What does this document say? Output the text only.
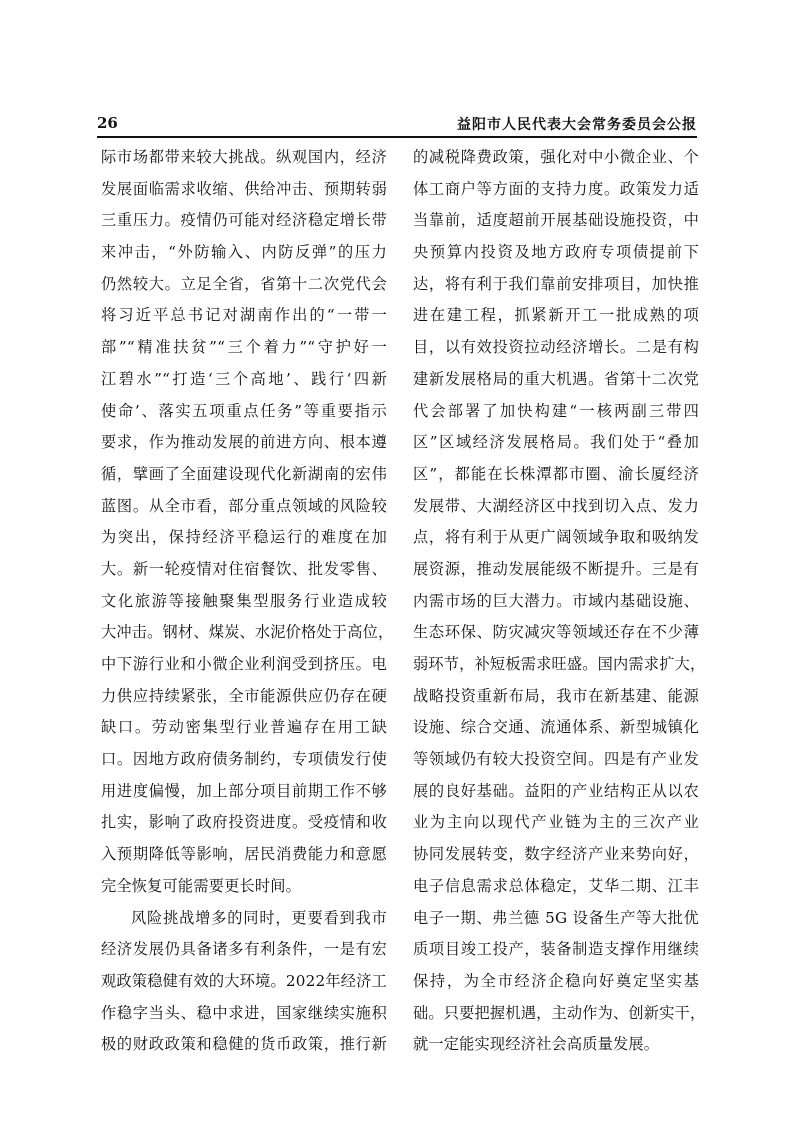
26	益阳市人民代表大会常务委员会公报
际市场都带来较大挑战。纵观国内，经济
发展面临需求收缩、供给冲击、预期转弱
三重压力。疫情仍可能对经济稳定增长带
来冲击，“外防输入、内防反弹”的压力
仍然较大。立足全省，省第十二次党代会
将习近平总书记对湖南作出的“一带一
部”“精准扶贫”“三个着力”“守护好一
江碧水”“打造‘三个高地’、践行‘四新
使命’、落实五项重点任务”等重要指示
要求，作为推动发展的前进方向、根本遵
循，擘画了全面建设现代化新湖南的宏伟
蓝图。从全市看，部分重点领域的风险较
为突出，保持经济平稳运行的难度在加
大。新一轮疫情对住宿餐饮、批发零售、
文化旅游等接触聚集型服务行业造成较
大冲击。钢材、煤炭、水泥价格处于高位，
中下游行业和小微企业利润受到挤压。电
力供应持续紧张，全市能源供应仍存在硬
缺口。劳动密集型行业普遍存在用工缺
口。因地方政府债务制约，专项债发行使
用进度偏慢，加上部分项目前期工作不够
扎实，影响了政府投资进度。受疫情和收
入预期降低等影响，居民消费能力和意愿
完全恢复可能需要更长时间。
风险挑战增多的同时，更要看到我市
经济发展仍具备诸多有利条件，一是有宏
观政策稳健有效的大环境。2022年经济工
作稳字当头、稳中求进，国家继续实施积
极的财政政策和稳健的货币政策，推行新
的减税降费政策，强化对中小微企业、个
体工商户等方面的支持力度。政策发力适
当靠前，适度超前开展基础设施投资，中
央预算内投资及地方政府专项债提前下
达，将有利于我们靠前安排项目，加快推
进在建工程，抓紧新开工一批成熟的项
目，以有效投资拉动经济增长。二是有构
建新发展格局的重大机遇。省第十二次党
代会部署了加快构建“一核两副三带四
区”区域经济发展格局。我们处于“叠加
区”，都能在长株潭都市圈、渝长厦经济
发展带、大湖经济区中找到切入点、发力
点，将有利于从更广阔领域争取和吸纳发
展资源，推动发展能级不断提升。三是有
内需市场的巨大潜力。市域内基础设施、
生态环保、防灾减灾等领域还存在不少薄
弱环节，补短板需求旺盛。国内需求扩大，
战略投资重新布局，我市在新基建、能源
设施、综合交通、流通体系、新型城镇化
等领域仍有较大投资空间。四是有产业发
展的良好基础。益阳的产业结构正从以农
业为主向以现代产业链为主的三次产业
协同发展转变，数字经济产业来势向好，
电子信息需求总体稳定，艾华二期、江丰
电子一期、弗兰德 5G 设备生产等大批优
质项目竣工投产，装备制造支撑作用继续
保持，为全市经济企稳向好奠定坚实基
础。只要把握机遇，主动作为、创新实干，
就一定能实现经济社会高质量发展。
